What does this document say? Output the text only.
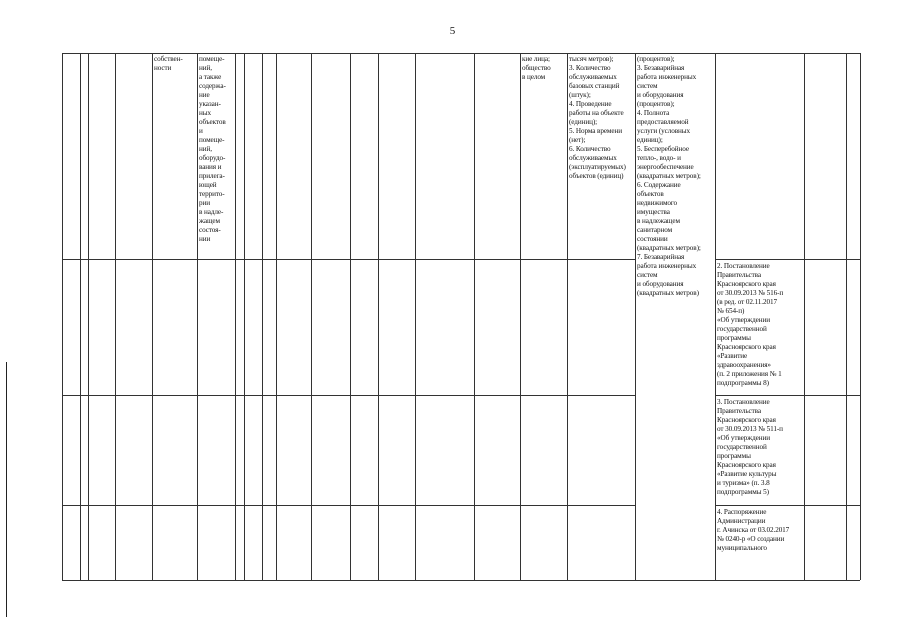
5
собствен-
ности
помеще-
ний,
а также
содержа-
ние
указан-
ных
объектов
и
помеще-
ний,
оборудо-
вания и
прилега-
ющей
террито-
рии
в надле-
жащем
состоя-
нии
кие лица;
общество
в целом
тысяч метров);
3. Количество
обслуживаемых
базовых станций
(штук);
4. Проведение
работы на объекте
(единиц);
5. Норма времени
(нет);
6. Количество
обслуживаемых
(эксплуатируемых)
объектов (единиц)
(процентов);
3. Безаварийная
работа инженерных
систем
и оборудования
(процентов);
4. Полнота
предоставляемой
услуги (условных
единиц);
5. Бесперебойное
тепло-, водо- и
энергообеспечение
(квадратных метров);
6. Содержание
объектов
недвижимого
имущества
в надлежащем
санитарном
состоянии
(квадратных метров);
7. Безаварийная
работа инженерных
систем
и оборудования
(квадратных метров)
2. Постановление
Правительства
Красноярского края
от 30.09.2013 № 516-п
(в ред. от 02.11.2017
№ 654-п)
«Об утверждении
государственной
программы
Красноярского края
«Развитие
здравоохранения»
(п. 2 приложения № 1
подпрограммы 8)
3. Постановление
Правительства
Красноярского края
от 30.09.2013 № 511-п
«Об утверждении
государственной
программы
Красноярского края
«Развитие культуры
и туризма» (п. 3.8
подпрограммы 5)
4. Распоряжение
Администрации
г. Ачинска от 03.02.2017
№ 0240-р «О создании
муниципального
